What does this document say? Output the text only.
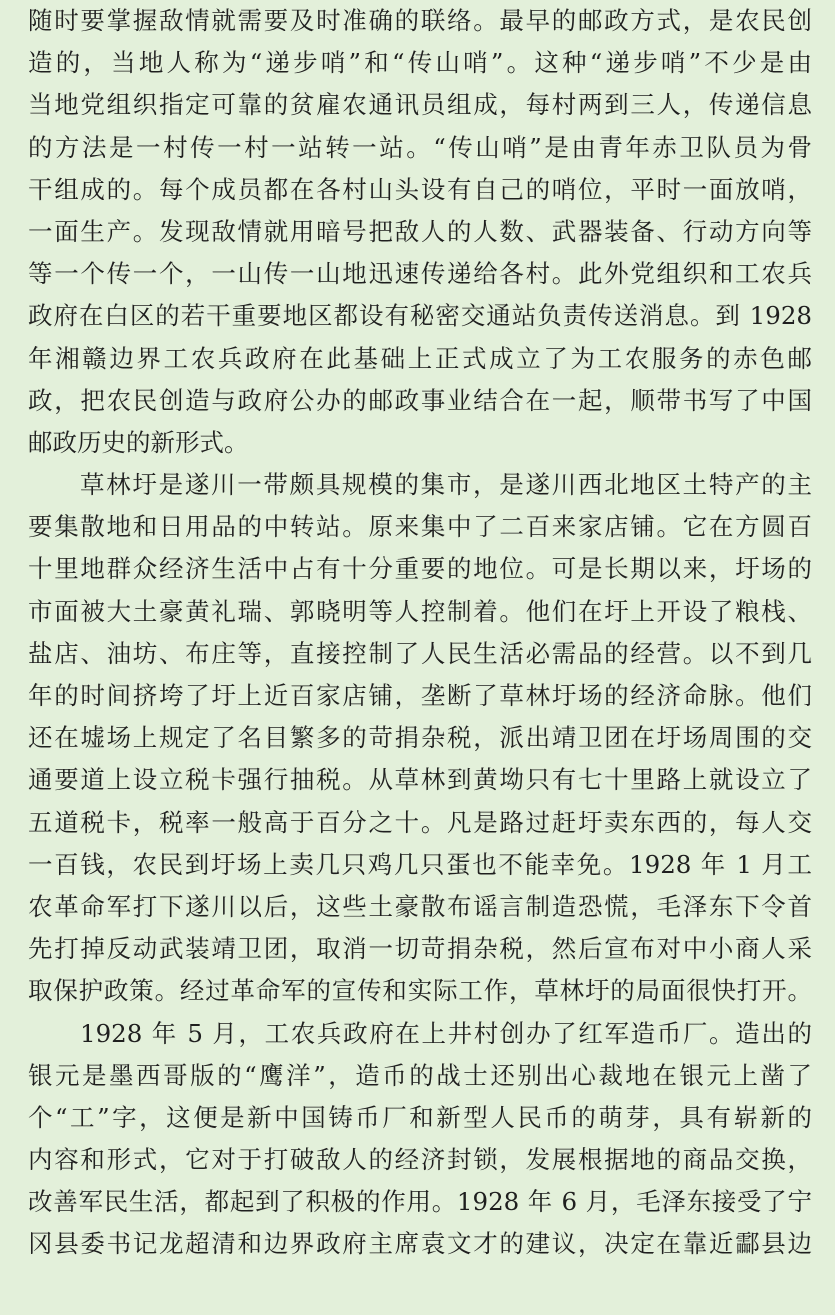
随时要掌握敌情就需要及时准确的联络。最早的邮政方式，是农民创
造的，当地人称为“递步哨”和“传山哨”。这种“递步哨”不少是由
当地党组织指定可靠的贫雇农通讯员组成，每村两到三人，传递信息
的方法是一村传一村一站转一站。“传山哨”是由青年赤卫队员为骨
干组成的。每个成员都在各村山头设有自己的哨位，平时一面放哨，
一面生产。发现敌情就用暗号把敌人的人数、武器装备、行动方向等
等一个传一个，一山传一山地迅速传递给各村。此外党组织和工农兵
政府在白区的若干重要地区都设有秘密交通站负责传送消息。到 1928
年湘赣边界工农兵政府在此基础上正式成立了为工农服务的赤色邮
政，把农民创造与政府公办的邮政事业结合在一起，顺带书写了中国
邮政历史的新形式。
草林圩是遂川一带颇具规模的集市，是遂川西北地区土特产的主
要集散地和日用品的中转站。原来集中了二百来家店铺。它在方圆百
十里地群众经济生活中占有十分重要的地位。可是长期以来，圩场的
市面被大土豪黄礼瑞、郭晓明等人控制着。他们在圩上开设了粮栈、
盐店、油坊、布庄等，直接控制了人民生活必需品的经营。以不到几
年的时间挤垮了圩上近百家店铺，垄断了草林圩场的经济命脉。他们
还在墟场上规定了名目繁多的苛捐杂税，派出靖卫团在圩场周围的交
通要道上设立税卡强行抽税。从草林到黄坳只有七十里路上就设立了
五道税卡，税率一般高于百分之十。凡是路过赶圩卖东西的，每人交
一百钱，农民到圩场上卖几只鸡几只蛋也不能幸免。1928 年 1 月工
农革命军打下遂川以后，这些土豪散布谣言制造恐慌，毛泽东下令首
先打掉反动武装靖卫团，取消一切苛捐杂税，然后宣布对中小商人采
取保护政策。经过革命军的宣传和实际工作，草林圩的局面很快打开。
1928 年 5 月，工农兵政府在上井村创办了红军造币厂。造出的
银元是墨西哥版的“鹰洋”，造币的战士还别出心裁地在银元上凿了
个“工”字，这便是新中国铸币厂和新型人民币的萌芽，具有崭新的
内容和形式，它对于打破敌人的经济封锁，发展根据地的商品交换，
改善军民生活，都起到了积极的作用。1928 年 6 月，毛泽东接受了宁
冈县委书记龙超清和边界政府主席袁文才的建议，决定在靠近酃县边
